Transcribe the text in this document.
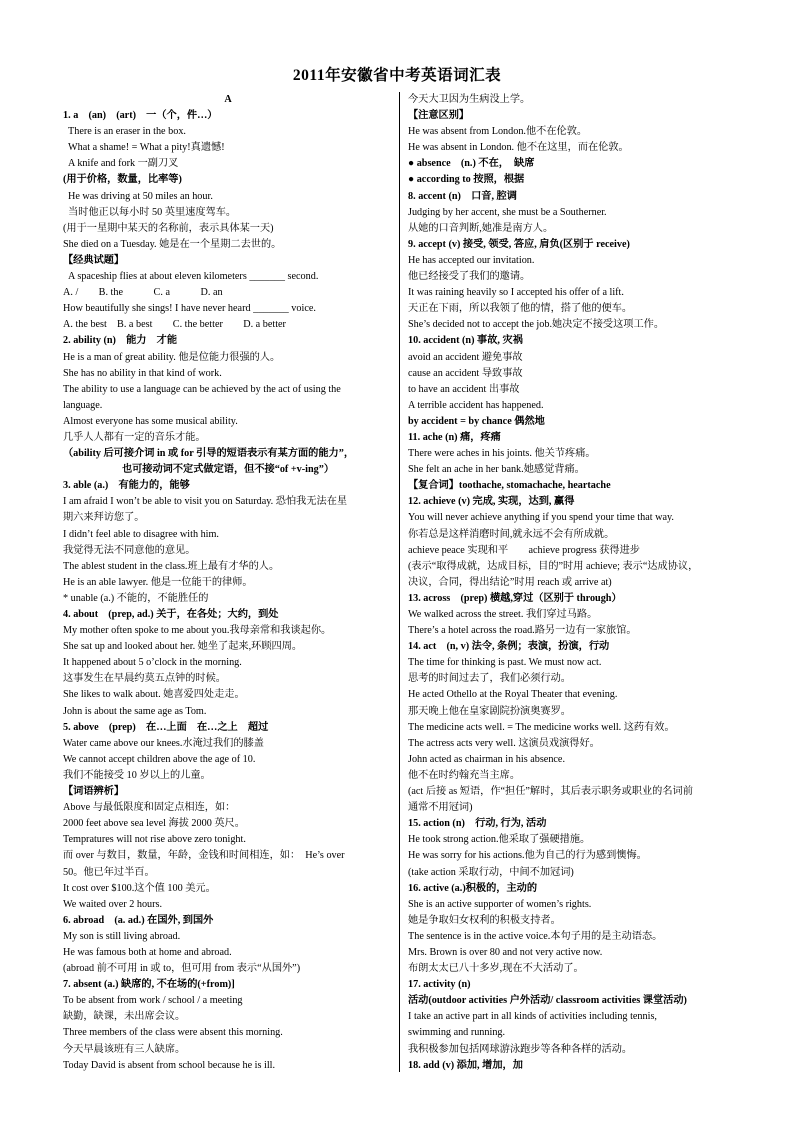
2011年安徽省中考英语词汇表
A
1. a　(an)　(art)　一（个，件…）
There is an eraser in the box.
What a shame! = What a pity!真遗憾!
A knife and fork 一副刀叉
(用于价格，数量，比率等)
He was driving at 50 miles an hour.
当时他正以每小时 50 英里速度驾车。
(用于一星期中某天的名称前，表示具体某一天)
She died on a Tuesday. 她是在一个星期二去世的。
【经典试题】
A spaceship flies at about eleven kilometers _______ second.
A. /　　B. the　　　C. a　　　D. an
How beautifully she sings! I have never heard _______ voice.
A. the best　B. a best　　C. the better　　D. a better
2. ability (n)　能力　才能
He is a man of great ability. 他是位能力很强的人。
She has no ability in that kind of work.
The ability to use a language can be achieved by the act of using the
language.
Almost everyone has some musical ability.
几乎人人都有一定的音乐才能。
（ability 后可接介词 in 或 for 引导的短语表示有某方面的能力”，
也可接动词不定式做定语，但不接“of +v-ing”）
3. able (a.)　有能力的，能够
I am afraid I won’t be able to visit you on Saturday. 恐怕我无法在星
期六来拜访您了。
I didn’t feel able to disagree with him.
我觉得无法不同意他的意见。
The ablest student in the class.班上最有才华的人。
He is an able lawyer. 他是一位能干的律师。
* unable (a.) 不能的，不能胜任的
4. about　(prep, ad.) 关于，在各处；大约，到处
My mother often spoke to me about you.我母亲常和我谈起你。
She sat up and looked about her. 她坐了起来,环顾四周。
It happened about 5 o’clock in the morning.
这事发生在早晨约莫五点钟的时候。
She likes to walk about. 她喜爱四处走走。
John is about the same age as Tom.
5. above　(prep)　在…上面　在…之上　超过
Water came above our knees.水淹过我们的膝盖
We cannot accept children above the age of 10.
我们不能接受 10 岁以上的儿童。
【词语辨析】
Above 与最低限度和固定点相连，如：
2000 feet above sea level 海拔 2000 英尺。
Tempratures will not rise above zero tonight.
而 over 与数目，数量，年龄，金钱和时间相连，如：　He’s over
50。他已年过半百。
It cost over $100.这个值 100 美元。
We waited over 2 hours.
6. abroad　(a. ad.) 在国外, 到国外
My son is still living abroad.
He was famous both at home and abroad.
(abroad 前不可用 in 或 to，但可用 from 表示“从国外”)
7. absent (a.) 缺席的, 不在场的(+from)]
To be absent from work / school / a meeting
缺勤，缺课，未出席会议。
Three members of the class were absent this morning.
今天早晨该班有三人缺席。
Today David is absent from school because he is ill.
今天大卫因为生病没上学。
【注意区别】
He was absent from London.他不在伦敦。
He was absent in London. 他不在这里，而在伦敦。
● absence　(n.) 不在，　缺席
● according to 按照，根据
8. accent (n)　口音, 腔调
Judging by her accent, she must be a Southerner.
从她的口音判断,她准是南方人。
9. accept (v) 接受, 领受, 答应, 肩负(区别于 receive)
He has accepted our invitation.
他已经接受了我们的邀请。
It was raining heavily so I accepted his offer of a lift.
天正在下雨，所以我领了他的情，搭了他的便车。
She’s decided not to accept the job.她决定不接受这项工作。
10. accident (n) 事故, 灾祸
avoid an accident 避免事故
cause an accident 导致事故
to have an accident 出事故
A terrible accident has happened.
by accident = by chance 偶然地
11. ache (n) 痛，疼痛
There were aches in his joints. 他关节疼痛。
She felt an ache in her bank.她感觉背痛。
【复合词】toothache, stomachache, heartache
12. achieve (v) 完成, 实现，达到, 赢得
You will never achieve anything if you spend your time that way.
你若总是这样消磨时间,就永远不会有所成就。
achieve peace 实现和平　　achieve progress 获得进步
(表示“取得成就，达成目标，目的”时用 achieve; 表示“达成协议，
决议，合同，得出结论”时用 reach 或 arrive at)
13. across　(prep) 横越,穿过（区别于 through）
We walked across the street. 我们穿过马路。
There’s a hotel across the road.路另一边有一家旅馆。
14. act　(n, v) 法令, 条例；表演，扮演，行动
The time for thinking is past. We must now act.
思考的时间过去了，我们必须行动。
He acted Othello at the Royal Theater that evening.
那天晚上他在皇家剧院扮演奥赛罗。
The medicine acts well. = The medicine works well. 这药有效。
The actress acts very well. 这演员戏演得好。
John acted as chairman in his absence.
他不在时约翰充当主席。
(act 后接 as 短语，作“担任”解时，其后表示职务或职业的名词前
通常不用冠词)
15. action (n)　行动, 行为, 活动
He took strong action.他采取了强硬措施。
He was sorry for his actions.他为自己的行为感到懊悔。
(take action 采取行动，中间不加冠词)
16. active (a.)积极的，主动的
She is an active supporter of women’s rights.
她是争取妇女权利的积极支持者。
The sentence is in the active voice.本句子用的是主动语态。
Mrs. Brown is over 80 and not very active now.
布朗太太已八十多岁,现在不大活动了。
17. activity (n)
活动(outdoor activities 户外活动/ classroom activities 课堂活动)
I take an active part in all kinds of activities including tennis,
swimming and running.
我积极参加包括网球游泳跑步等各种各样的活动。
18. add (v) 添加, 增加，加
